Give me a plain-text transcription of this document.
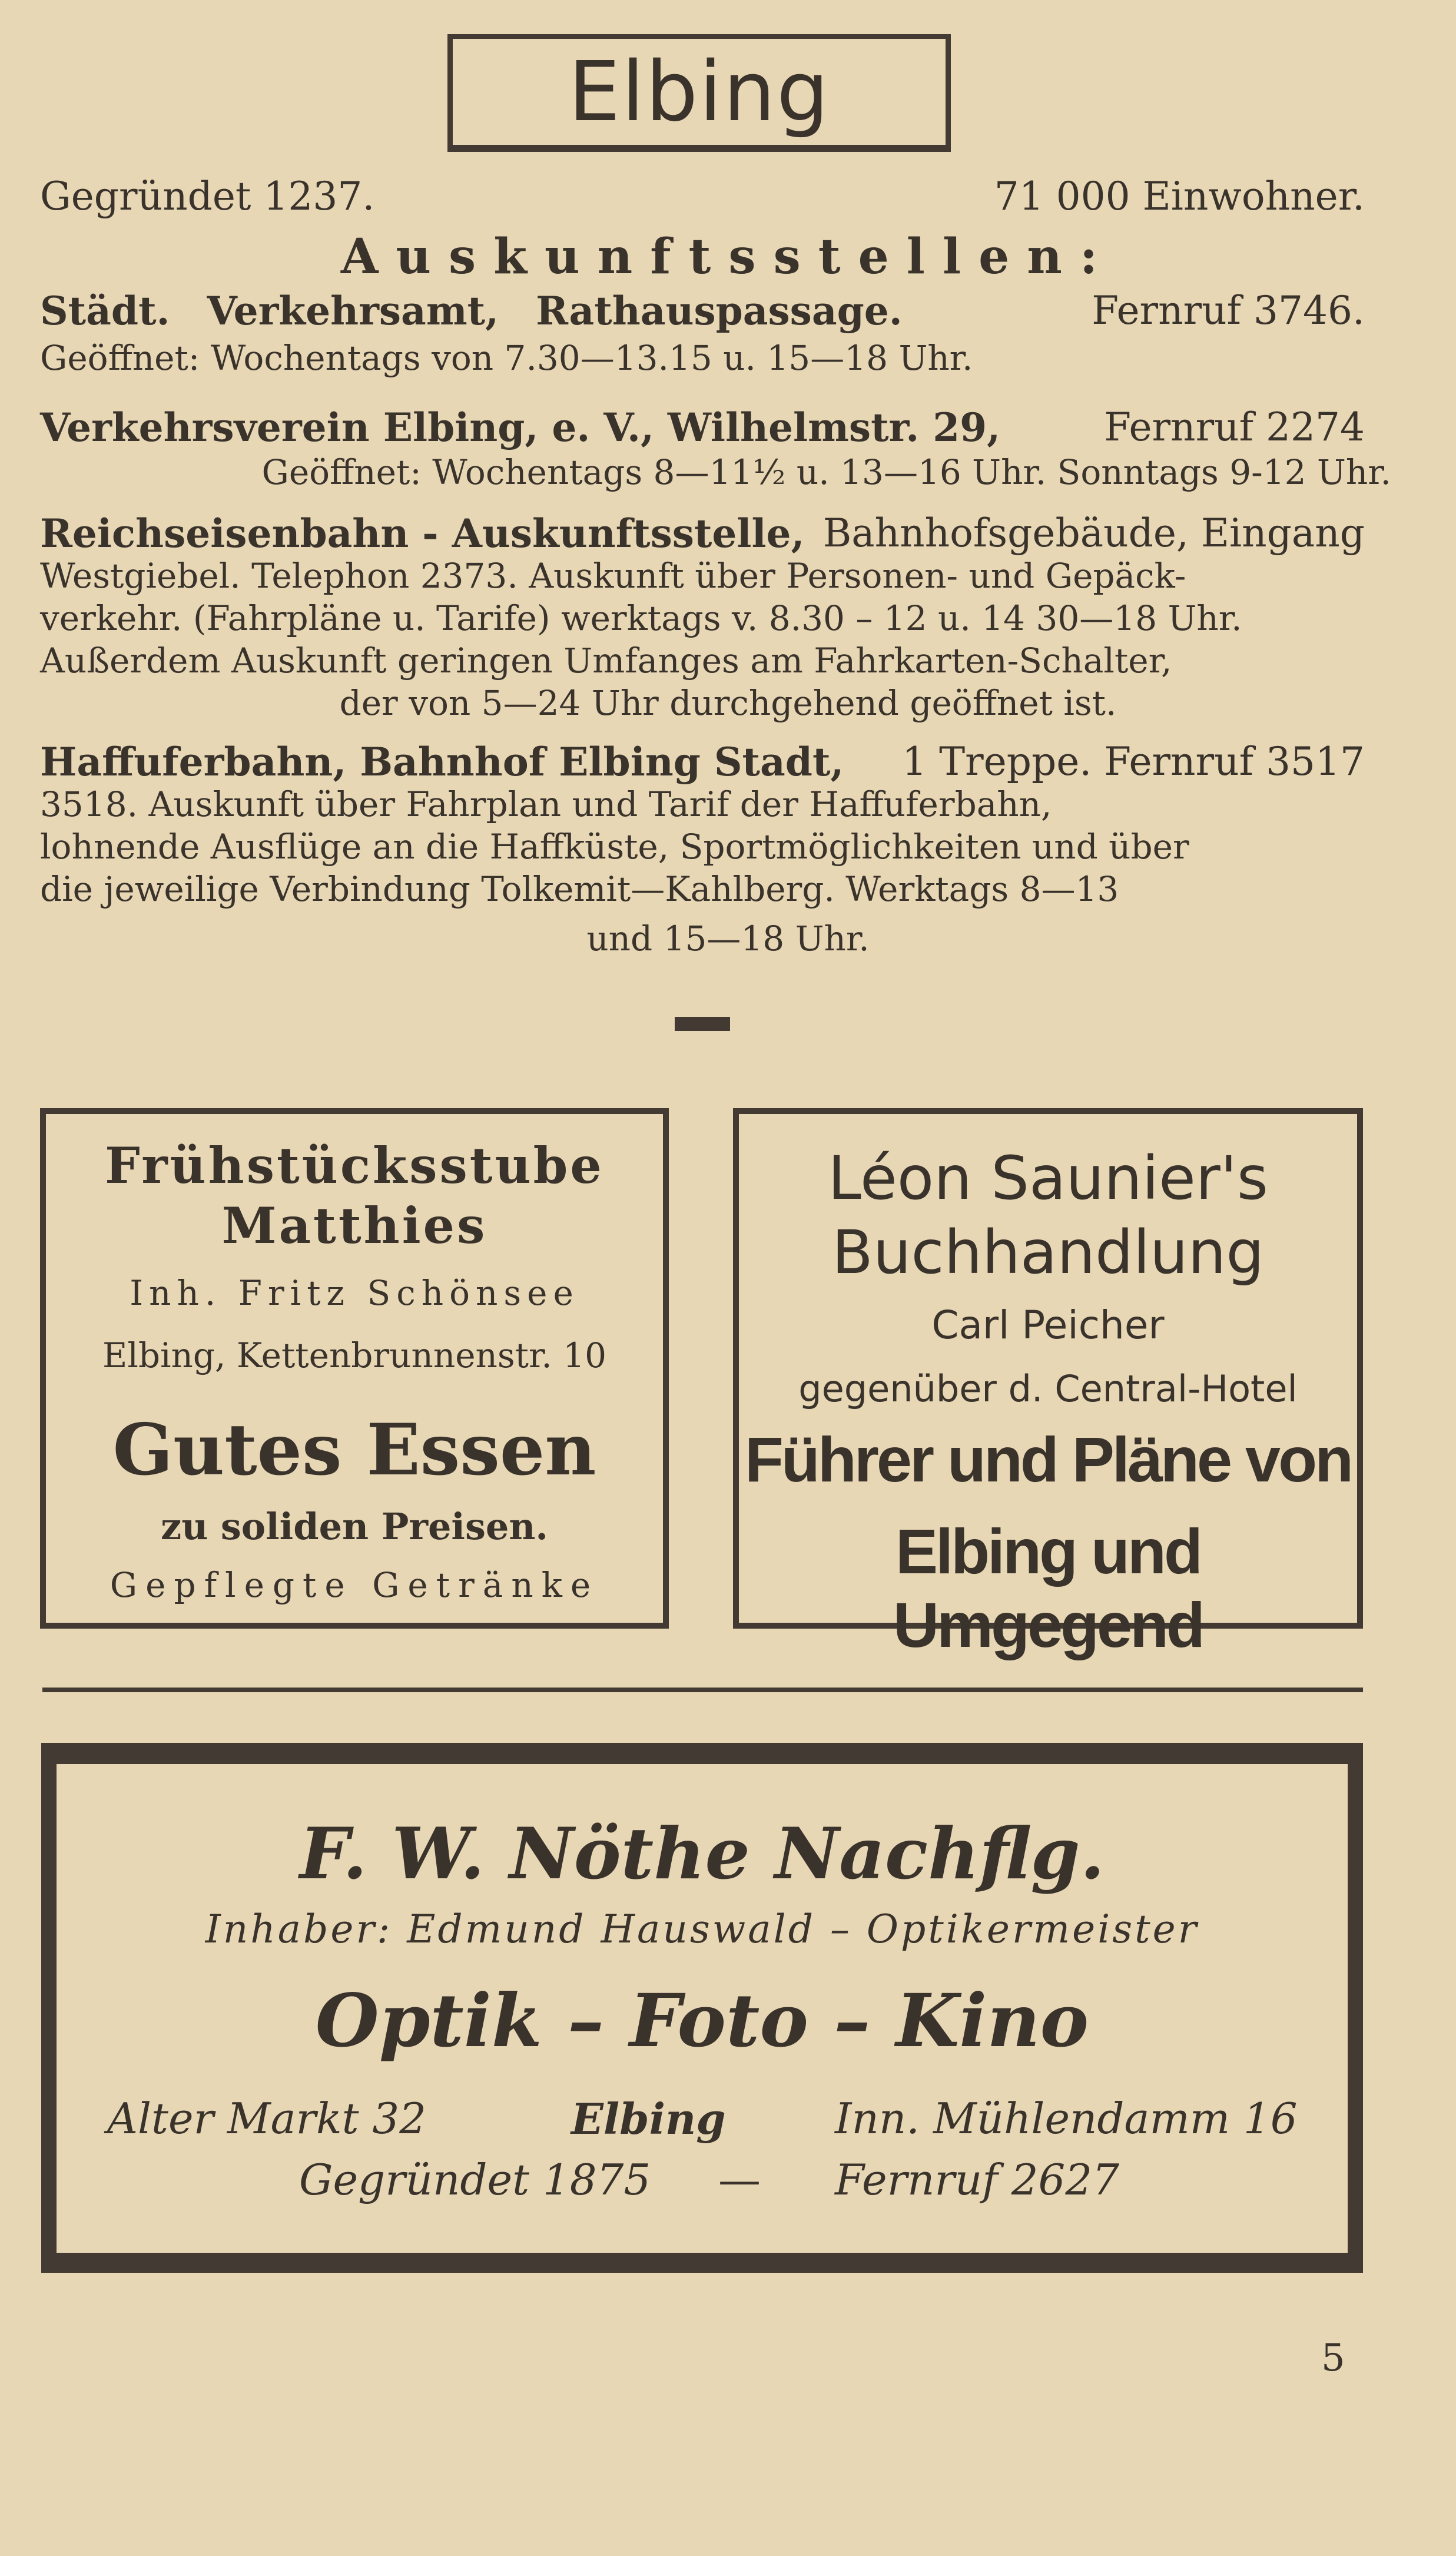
Elbing
Gegründet 1237.	71 000 Einwohner.
Auskunftsstellen:
Städt. Verkehrsamt, Rathauspassage.	Fernruf 3746.
Geöffnet: Wochentags von 7.30—13.15 u. 15—18 Uhr.
Verkehrsverein Elbing, e. V., Wilhelmstr. 29,	Fernruf 2274
Geöffnet: Wochentags 8—11½ u. 13—16 Uhr. Sonntags 9-12 Uhr.
Reichseisenbahn - Auskunftsstelle, Bahnhofsgebäude, Eingang
Westgiebel. Telephon 2373. Auskunft über Personen- und Gepäck-
verkehr. (Fahrpläne u. Tarife) werktags v. 8.30 – 12 u. 14 30—18 Uhr.
Außerdem Auskunft geringen Umfanges am Fahrkarten-Schalter,
der von 5—24 Uhr durchgehend geöffnet ist.
Haffuferbahn, Bahnhof Elbing Stadt, 1 Treppe. Fernruf 3517
3518. Auskunft über Fahrplan und Tarif der Haffuferbahn,
lohnende Ausflüge an die Haffküste, Sportmöglichkeiten und über
die jeweilige Verbindung Tolkemit—Kahlberg. Werktags 8—13
und 15—18 Uhr.
Frühstücksstube
Matthies
Inh. Fritz Schönsee
Elbing, Kettenbrunnenstr. 10
Gutes Essen
zu soliden Preisen.
Gepflegte Getränke
Léon Saunier's
Buchhandlung
Carl Peicher
gegenüber d. Central-Hotel
Führer und Pläne von
Elbing und Umgegend
F. W. Nöthe Nachflg.
Inhaber: Edmund Hauswald – Optikermeister
Optik – Foto – Kino
Alter Markt 32	Elbing	Inn. Mühlendamm 16
Gegründet 1875 — Fernruf 2627
5
